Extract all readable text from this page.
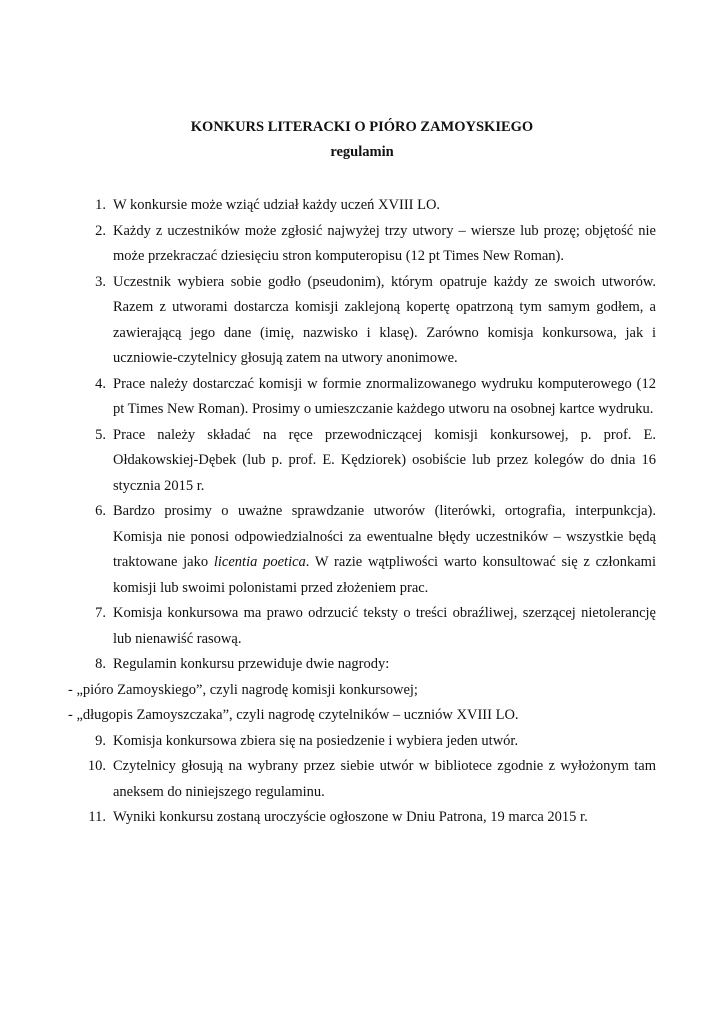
KONKURS LITERACKI O PIÓRO ZAMOYSKIEGO

regulamin

1. W konkursie może wziąć udział każdy uczeń XVIII LO.
2. Każdy z uczestników może zgłosić najwyżej trzy utwory – wiersze lub prozę; objętość nie może przekraczać dziesięciu stron komputeropisu (12 pt Times New Roman).
3. Uczestnik wybiera sobie godło (pseudonim), którym opatruje każdy ze swoich utworów. Razem z utworami dostarcza komisji zaklejoną kopertę opatrzoną tym samym godłem, a zawierającą jego dane (imię, nazwisko i klasę). Zarówno komisja konkursowa, jak i uczniowie-czytelnicy głosują zatem na utwory anonimowe.
4. Prace należy dostarczać komisji w formie znormalizowanego wydruku komputerowego (12 pt Times New Roman). Prosimy o umieszczanie każdego utworu na osobnej kartce wydruku.
5. Prace należy składać na ręce przewodniczącej komisji konkursowej, p. prof. E. Ołdakowskiej-Dębek (lub p. prof. E. Kędziorek) osobiście lub przez kolegów do dnia 16 stycznia 2015 r.
6. Bardzo prosimy o uważne sprawdzanie utworów (literówki, ortografia, interpunkcja). Komisja nie ponosi odpowiedzialności za ewentualne błędy uczestników – wszystkie będą traktowane jako licentia poetica. W razie wątpliwości warto konsultować się z członkami komisji lub swoimi polonistami przed złożeniem prac.
7. Komisja konkursowa ma prawo odrzucić teksty o treści obraźliwej, szerzącej nietolerancję lub nienawiść rasową.
8. Regulamin konkursu przewiduje dwie nagrody:
- „pióro Zamoyskiego”, czyli nagrodę komisji konkursowej;
- „długopis Zamoyszczaka”, czyli nagrodę czytelników – uczniów XVIII LO.
9. Komisja konkursowa zbiera się na posiedzenie i wybiera jeden utwór.
10. Czytelnicy głosują na wybrany przez siebie utwór w bibliotece zgodnie z wyłożonym tam aneksem do niniejszego regulaminu.
11. Wyniki konkursu zostaną uroczyście ogłoszone w Dniu Patrona, 19 marca 2015 r.
